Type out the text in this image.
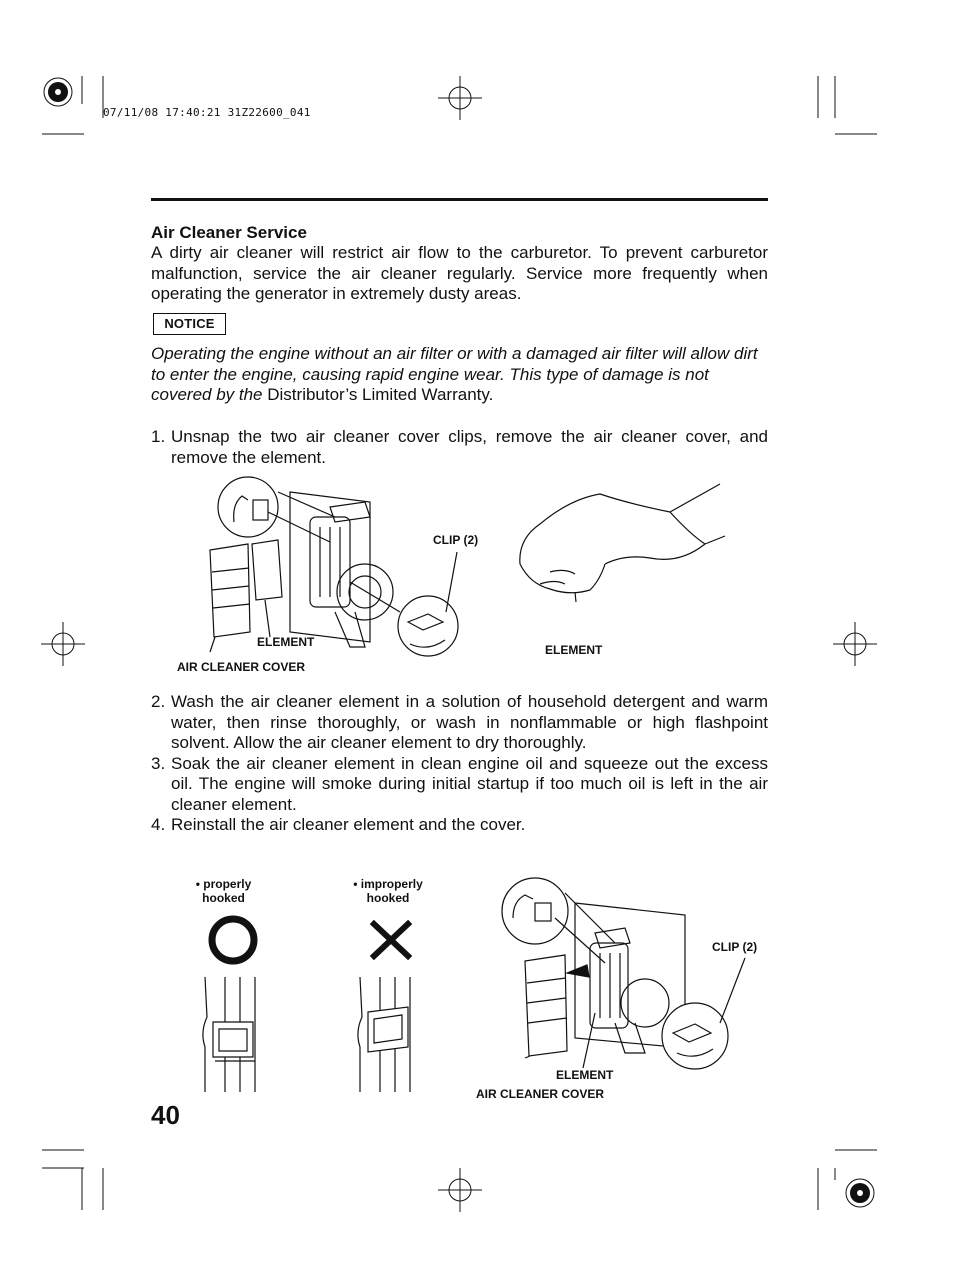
07/11/08 17:40:21 31Z22600_041
Air Cleaner Service

A dirty air cleaner will restrict air flow to the carburetor. To prevent carburetor malfunction, service the air cleaner regularly. Service more frequently when operating the generator in extremely dusty areas.

NOTICE
Operating the engine without an air filter or with a damaged air filter will allow dirt to enter the engine, causing rapid engine wear. This type of damage is not covered by the Distributor’s Limited Warranty.
1. Unsnap the two air cleaner cover clips, remove the air cleaner cover, and remove the element.
CLIP (2)
ELEMENT
AIR CLEANER COVER
ELEMENT
2. Wash the air cleaner element in a solution of household detergent and warm water, then rinse thoroughly, or wash in nonflammable or high flashpoint solvent. Allow the air cleaner element to dry thoroughly.
3. Soak the air cleaner element in clean engine oil and squeeze out the excess oil. The engine will smoke during initial startup if too much oil is left in the air cleaner element.
4. Reinstall the air cleaner element and the cover.
• properly
hooked
• improperly
hooked
CLIP (2)
ELEMENT
AIR CLEANER COVER
40
